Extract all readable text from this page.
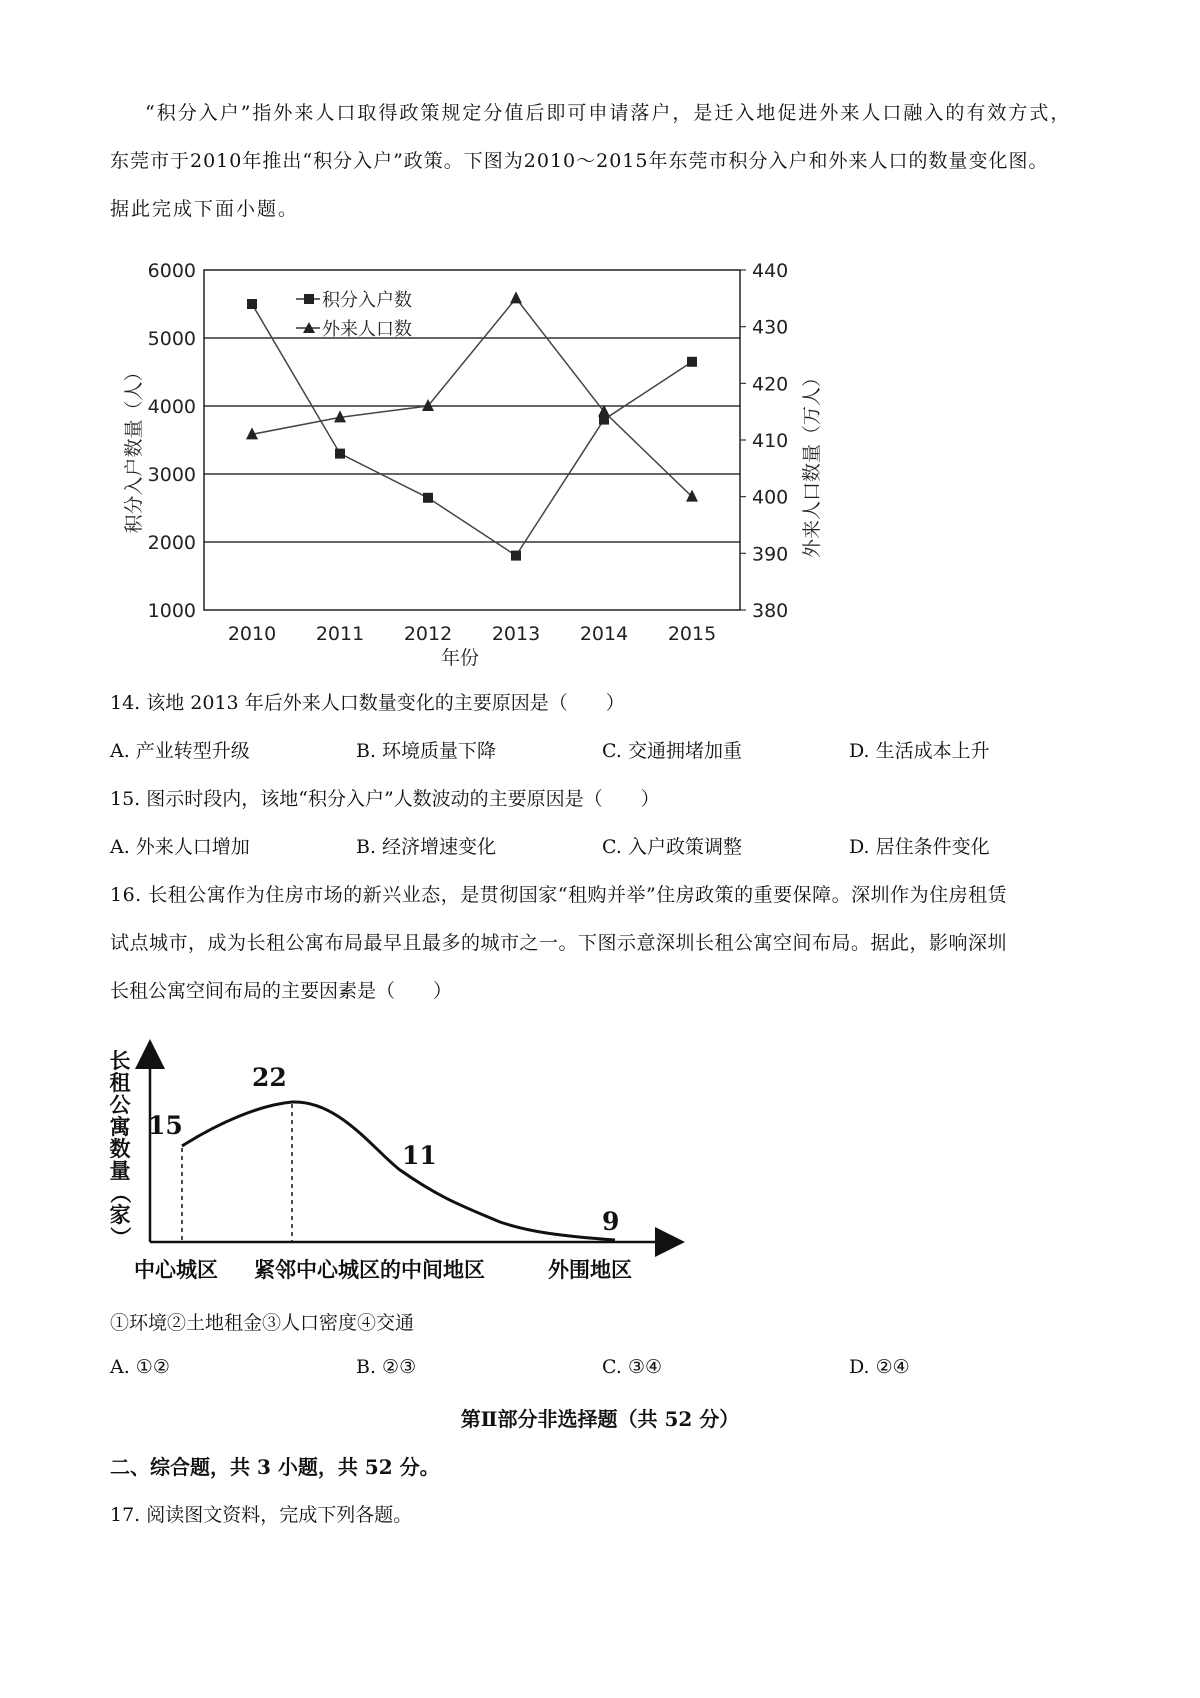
“积分入户”指外来人口取得政策规定分值后即可申请落户，是迁入地促进外来人口融入的有效方式，
东莞市于2010年推出“积分入户”政策。下图为2010～2015年东莞市积分入户和外来人口的数量变化图。
据此完成下面小题。
1000
2000
3000
4000
5000
6000
380
390
400
410
420
430
440
2010 2011 2012 2013 2014 2015
积分入户数量（人）	外来人口数量（万人）
年份
积分入户数
外来人口数
14. 该地 2013 年后外来人口数量变化的主要原因是（　　）
A. 产业转型升级	B. 环境质量下降	C. 交通拥堵加重	D. 生活成本上升
15. 图示时段内，该地“积分入户”人数波动的主要原因是（　　）
A. 外来人口增加	B. 经济增速变化	C. 入户政策调整	D. 居住条件变化
16. 长租公寓作为住房市场的新兴业态，是贯彻国家“租购并举”住房政策的重要保障。深圳作为住房租赁
试点城市，成为长租公寓布局最早且最多的城市之一。下图示意深圳长租公寓空间布局。据此，影响深圳
长租公寓空间布局的主要因素是（　　）
长
租
公
寓
数
量
（
家
）
15
22
11
9
中心城区 紧邻中心城区的中间地区	外围地区
①环境②土地租金③人口密度④交通
A. ①②	B. ②③	C. ③④	D. ②④
第Ⅱ部分非选择题（共 52 分）
二、综合题，共 3 小题，共 52 分。
17. 阅读图文资料，完成下列各题。
